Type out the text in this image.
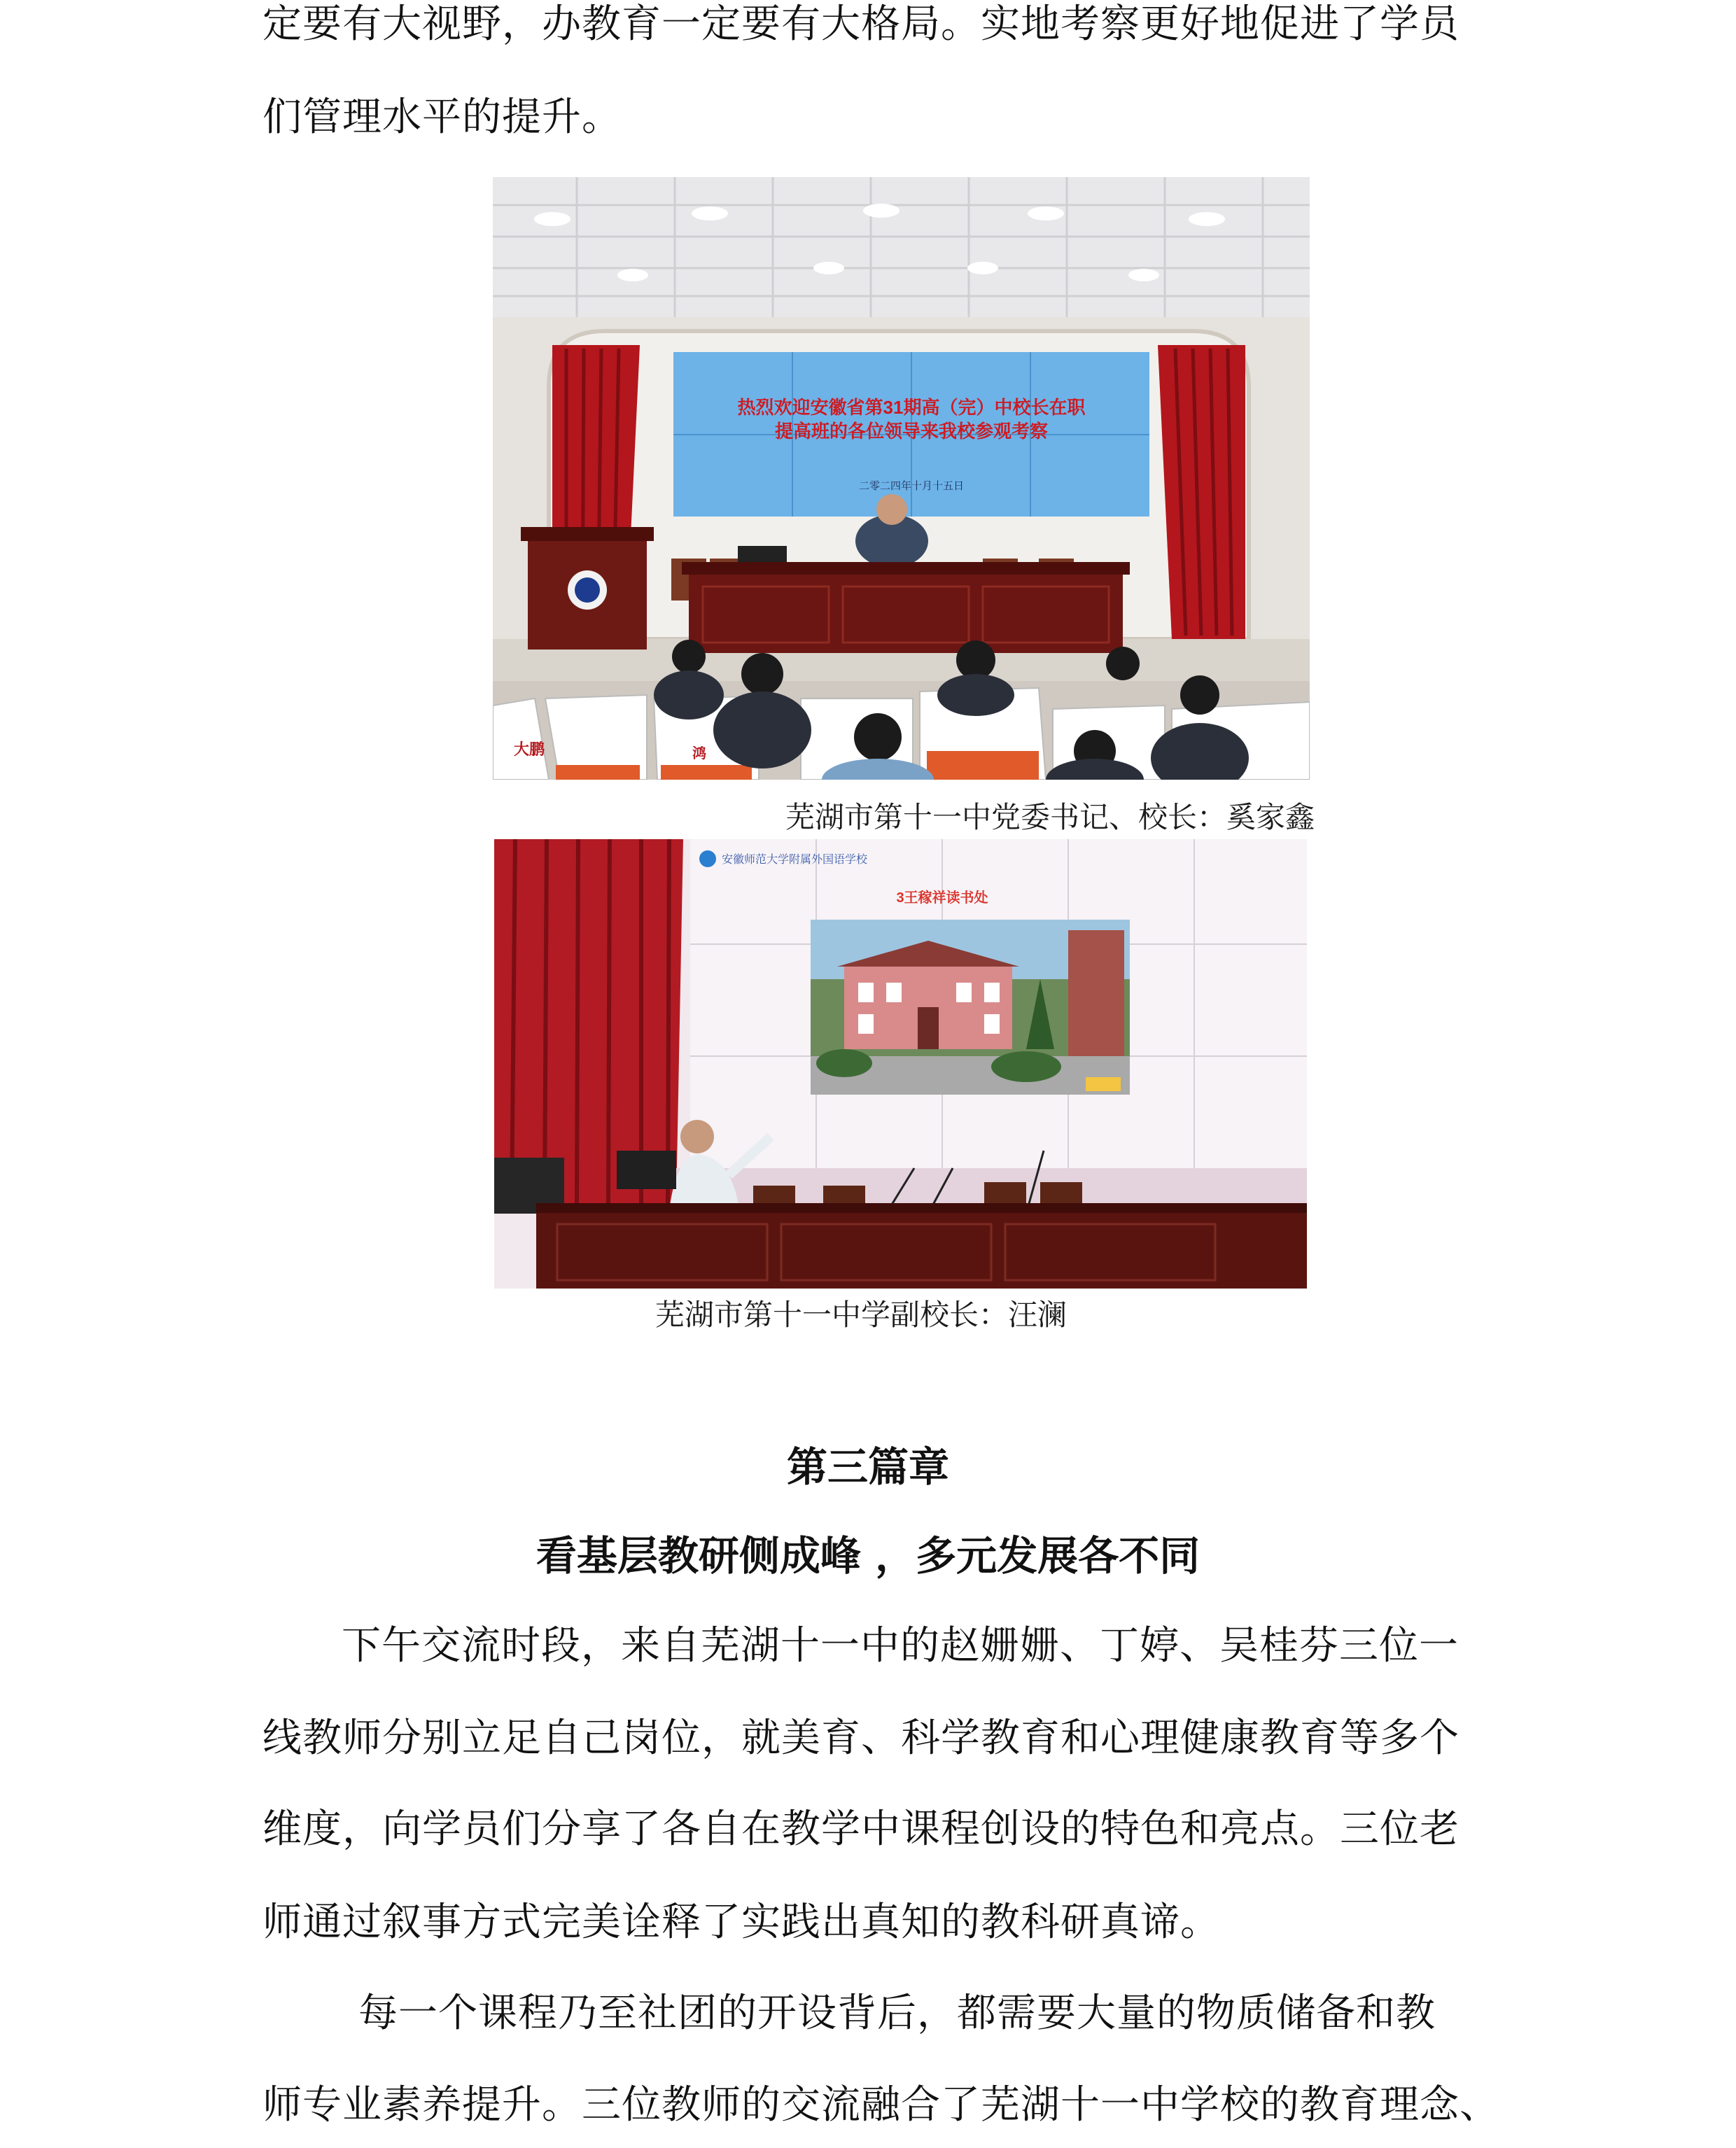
定要有大视野，办教育一定要有大格局。实地考察更好地促进了学员

们管理水平的提升。

热烈欢迎安徽省第31期高（完）中校长在职
提高班的各位领导来我校参观考察
二零二四年十月十五日
大鹏	鸿

芜湖市第十一中党委书记、校长：奚家鑫

安徽师范大学附属外国语学校
3王稼祥读书处

芜湖市第十一中学副校长：汪澜

第三篇章

看基层教研侧成峰 ，多元发展各不同

下午交流时段，来自芜湖十一中的赵姗姗、丁婷、吴桂芬三位一

线教师分别立足自己岗位，就美育、科学教育和心理健康教育等多个

维度，向学员们分享了各自在教学中课程创设的特色和亮点。三位老

师通过叙事方式完美诠释了实践出真知的教科研真谛。

每一个课程乃至社团的开设背后，都需要大量的物质储备和教

师专业素养提升。三位教师的交流融合了芜湖十一中学校的教育理念、
